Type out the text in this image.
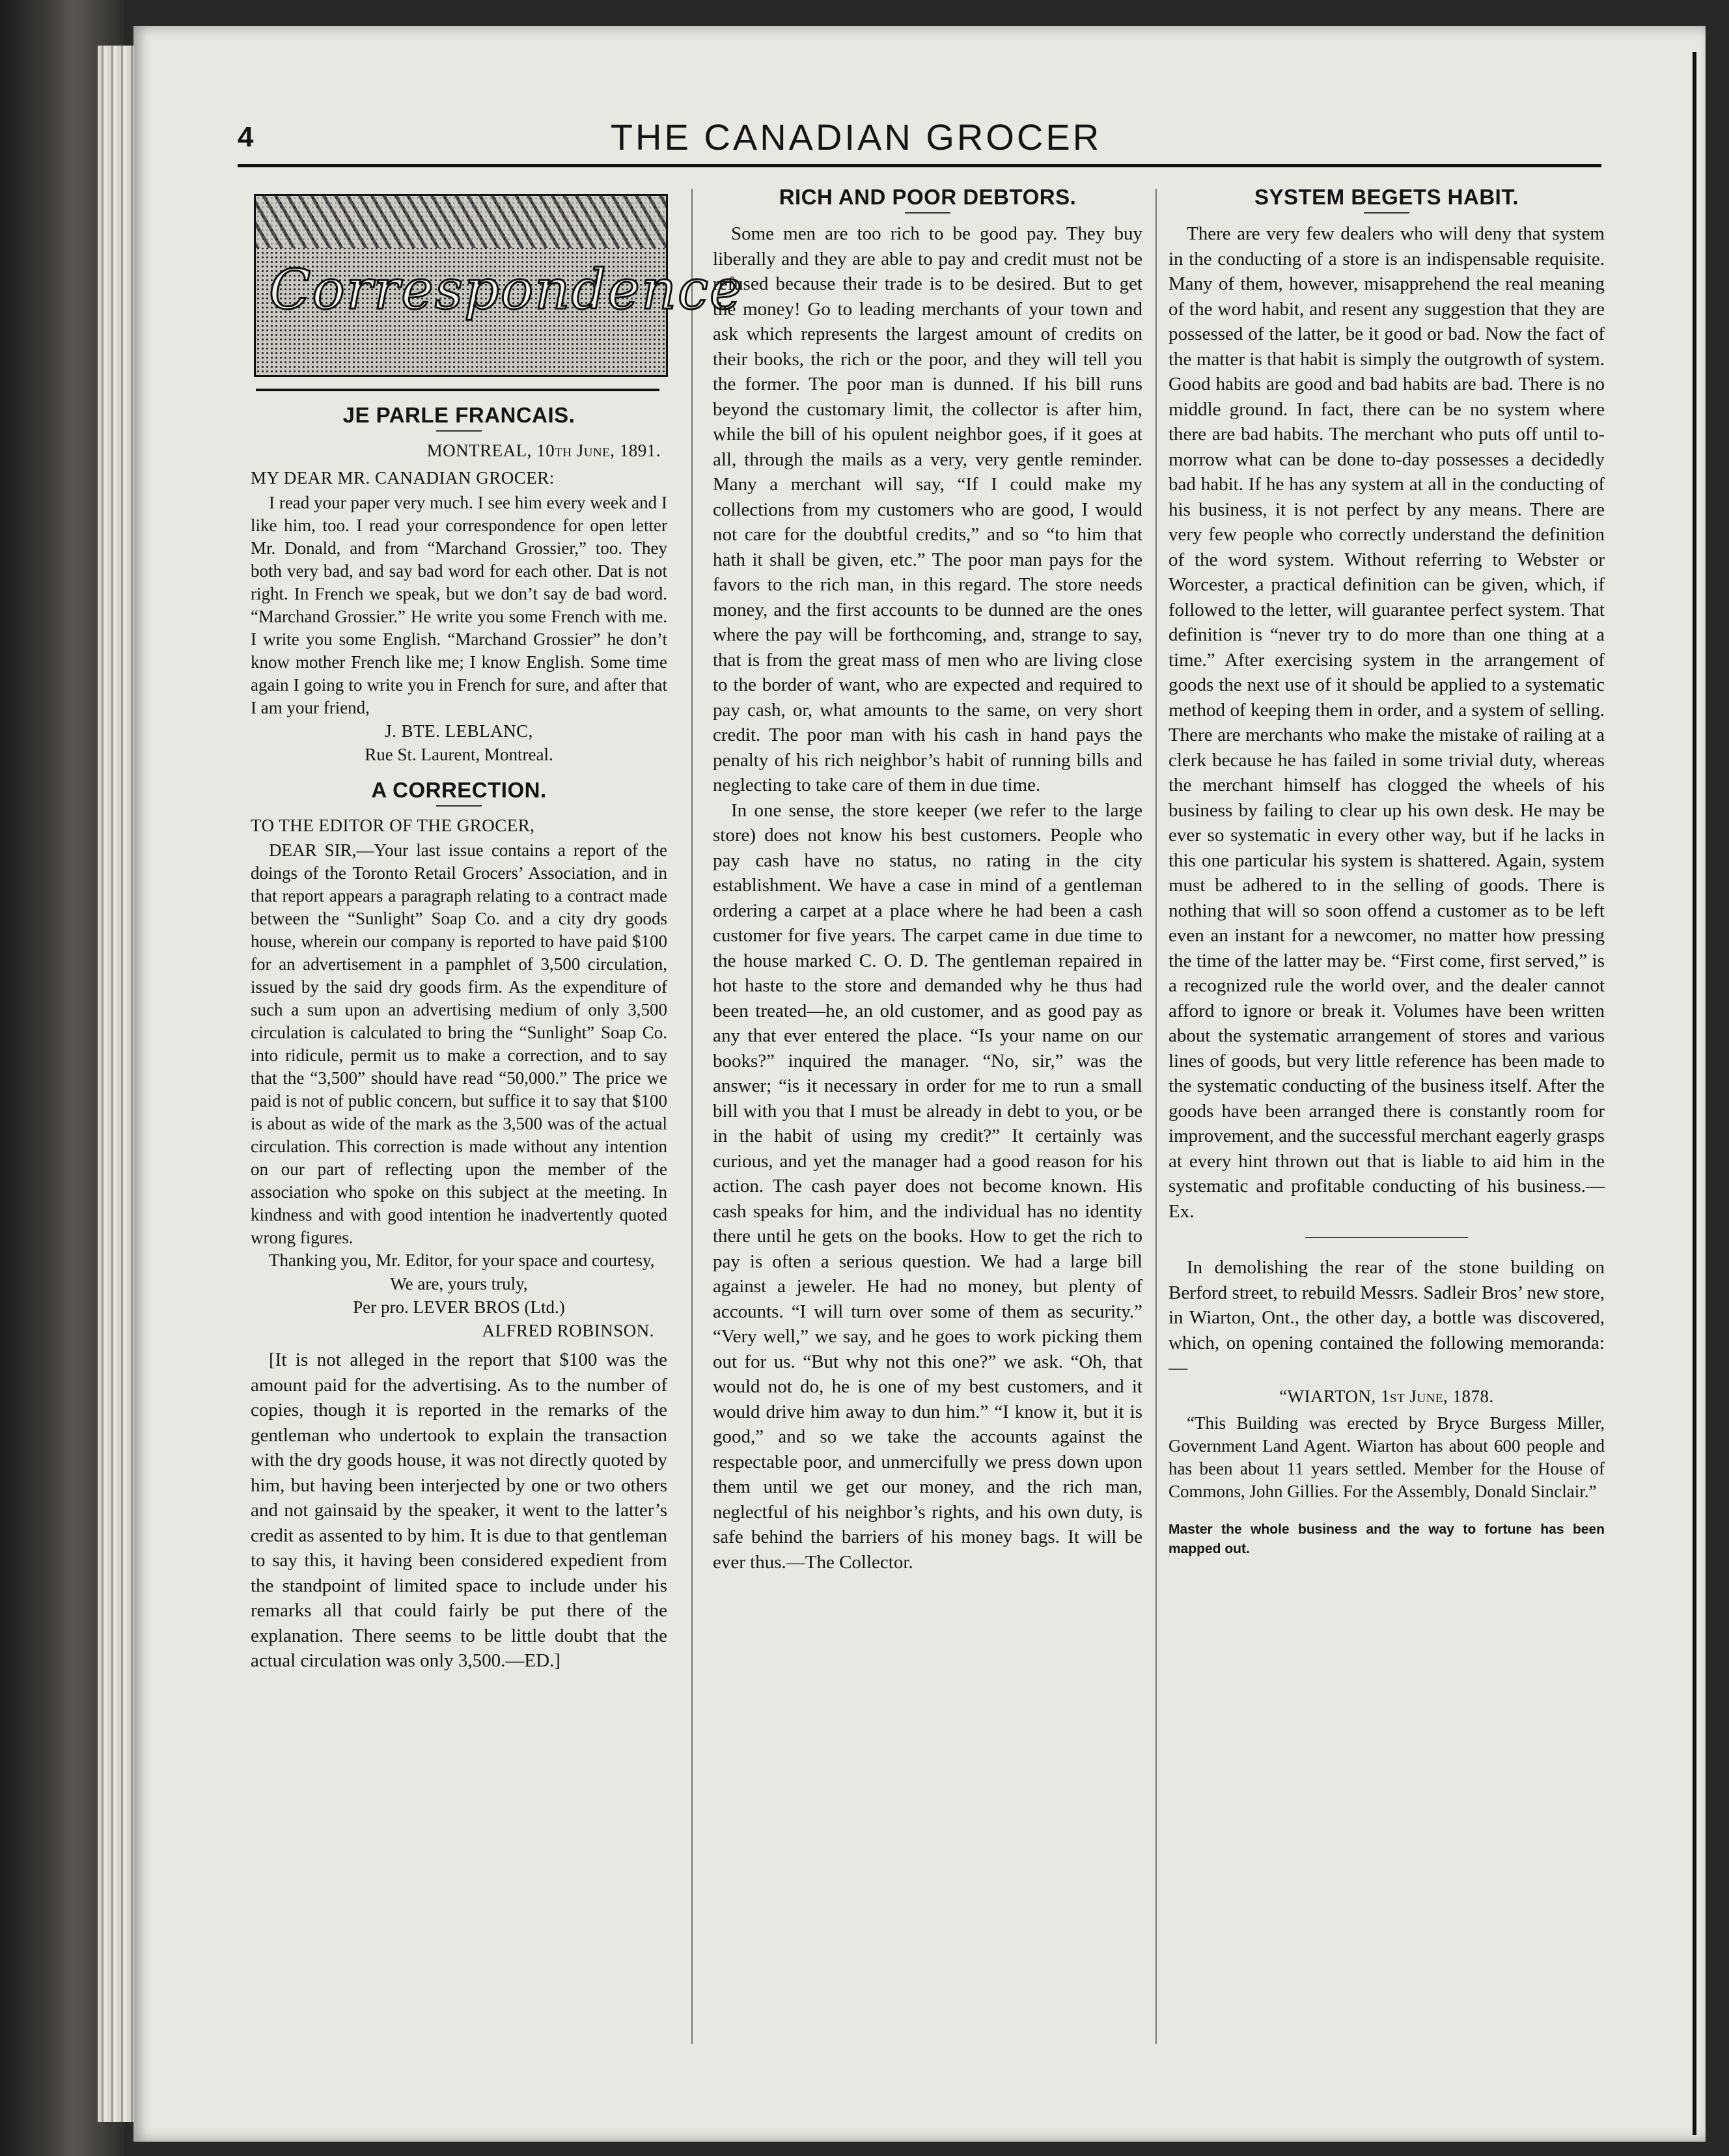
4	THE CANADIAN GROCER
Correspondence
JE PARLE FRANCAIS.
MONTREAL, 10th June, 1891.

MY DEAR MR. CANADIAN GROCER:

I read your paper very much. I see him every week and I like him, too. I read your correspondence for open letter Mr. Donald, and from “Marchand Grossier,” too. They both very bad, and say bad word for each other. Dat is not right. In French we speak, but we don’t say de bad word. “Marchand Grossier.” He write you some French with me. I write you some English. “Marchand Grossier” he don’t know mother French like me; I know English. Some time again I going to write you in French for sure, and after that I am your friend,

J. BTE. LEBLANC,
Rue St. Laurent, Montreal.
A CORRECTION.

TO THE EDITOR OF THE GROCER,

DEAR SIR,—Your last issue contains a report of the doings of the Toronto Retail Grocers’ Association, and in that report appears a paragraph relating to a contract made between the “Sunlight” Soap Co. and a city dry goods house, wherein our company is reported to have paid $100 for an advertisement in a pamphlet of 3,500 circulation, issued by the said dry goods firm. As the expenditure of such a sum upon an advertising medium of only 3,500 circulation is calculated to bring the “Sunlight” Soap Co. into ridicule, permit us to make a correction, and to say that the “3,500” should have read “50,000.” The price we paid is not of public concern, but suffice it to say that $100 is about as wide of the mark as the 3,500 was of the actual circulation. This correction is made without any intention on our part of reflecting upon the member of the association who spoke on this subject at the meeting. In kindness and with good intention he inadvertently quoted wrong figures.

Thanking you, Mr. Editor, for your space and courtesy,

We are, yours truly,
Per pro. LEVER BROS (Ltd.)
ALFRED ROBINSON.

[It is not alleged in the report that $100 was the amount paid for the advertising. As to the number of copies, though it is reported in the remarks of the gentleman who undertook to explain the transaction with the dry goods house, it was not directly quoted by him, but having been interjected by one or two others and not gainsaid by the speaker, it went to the latter’s credit as assented to by him. It is due to that gentleman to say this, it having been considered expedient from the standpoint of limited space to include under his remarks all that could fairly be put there of the explanation. There seems to be little doubt that the actual circulation was only 3,500.—ED.]

RICH AND POOR DEBTORS.

Some men are too rich to be good pay. They buy liberally and they are able to pay and credit must not be refused because their trade is to be desired. But to get the money! Go to leading merchants of your town and ask which represents the largest amount of credits on their books, the rich or the poor, and they will tell you the former. The poor man is dunned. If his bill runs beyond the customary limit, the collector is after him, while the bill of his opulent neighbor goes, if it goes at all, through the mails as a very, very gentle reminder. Many a merchant will say, “If I could make my collections from my customers who are good, I would not care for the doubtful credits,” and so “to him that hath it shall be given, etc.” The poor man pays for the favors to the rich man, in this regard. The store needs money, and the first accounts to be dunned are the ones where the pay will be forthcoming, and, strange to say, that is from the great mass of men who are living close to the border of want, who are expected and required to pay cash, or, what amounts to the same, on very short credit. The poor man with his cash in hand pays the penalty of his rich neighbor’s habit of running bills and neglecting to take care of them in due time.

In one sense, the store keeper (we refer to the large store) does not know his best customers. People who pay cash have no status, no rating in the city establishment. We have a case in mind of a gentleman ordering a carpet at a place where he had been a cash customer for five years. The carpet came in due time to the house marked C. O. D. The gentleman repaired in hot haste to the store and demanded why he thus had been treated—he, an old customer, and as good pay as any that ever entered the place. “Is your name on our books?” inquired the manager. “No, sir,” was the answer; “is it necessary in order for me to run a small bill with you that I must be already in debt to you, or be in the habit of using my credit?” It certainly was curious, and yet the manager had a good reason for his action. The cash payer does not become known. His cash speaks for him, and the individual has no identity there until he gets on the books. How to get the rich to pay is often a serious question. We had a large bill against a jeweler. He had no money, but plenty of accounts. “I will turn over some of them as security.” “Very well,” we say, and he goes to work picking them out for us. “But why not this one?” we ask. “Oh, that would not do, he is one of my best customers, and it would drive him away to dun him.” “I know it, but it is good,” and so we take the accounts against the respectable poor, and unmercifully we press down upon them until we get our money, and the rich man, neglectful of his neighbor’s rights, and his own duty, is safe behind the barriers of his money bags. It will be ever thus.—The Collector.

SYSTEM BEGETS HABIT.

There are very few dealers who will deny that system in the conducting of a store is an indispensable requisite. Many of them, however, misapprehend the real meaning of the word habit, and resent any suggestion that they are possessed of the latter, be it good or bad. Now the fact of the matter is that habit is simply the outgrowth of system. Good habits are good and bad habits are bad. There is no middle ground. In fact, there can be no system where there are bad habits. The merchant who puts off until to-morrow what can be done to-day possesses a decidedly bad habit. If he has any system at all in the conducting of his business, it is not perfect by any means. There are very few people who correctly understand the definition of the word system. Without referring to Webster or Worcester, a practical definition can be given, which, if followed to the letter, will guarantee perfect system. That definition is “never try to do more than one thing at a time.” After exercising system in the arrangement of goods the next use of it should be applied to a systematic method of keeping them in order, and a system of selling. There are merchants who make the mistake of railing at a clerk because he has failed in some trivial duty, whereas the merchant himself has clogged the wheels of his business by failing to clear up his own desk. He may be ever so systematic in every other way, but if he lacks in this one particular his system is shattered. Again, system must be adhered to in the selling of goods. There is nothing that will so soon offend a customer as to be left even an instant for a newcomer, no matter how pressing the time of the latter may be. “First come, first served,” is a recognized rule the world over, and the dealer cannot afford to ignore or break it. Volumes have been written about the systematic arrangement of stores and various lines of goods, but very little reference has been made to the systematic conducting of the business itself. After the goods have been arranged there is constantly room for improvement, and the successful merchant eagerly grasps at every hint thrown out that is liable to aid him in the systematic and profitable conducting of his business.—Ex.

In demolishing the rear of the stone building on Berford street, to rebuild Messrs. Sadleir Bros’ new store, in Wiarton, Ont., the other day, a bottle was discovered, which, on opening contained the following memoranda:—

“WIARTON, 1st June, 1878.

“This Building was erected by Bryce Burgess Miller, Government Land Agent. Wiarton has about 600 people and has been about 11 years settled. Member for the House of Commons, John Gillies. For the Assembly, Donald Sinclair.”

Master the whole business and the way to fortune has been mapped out.
